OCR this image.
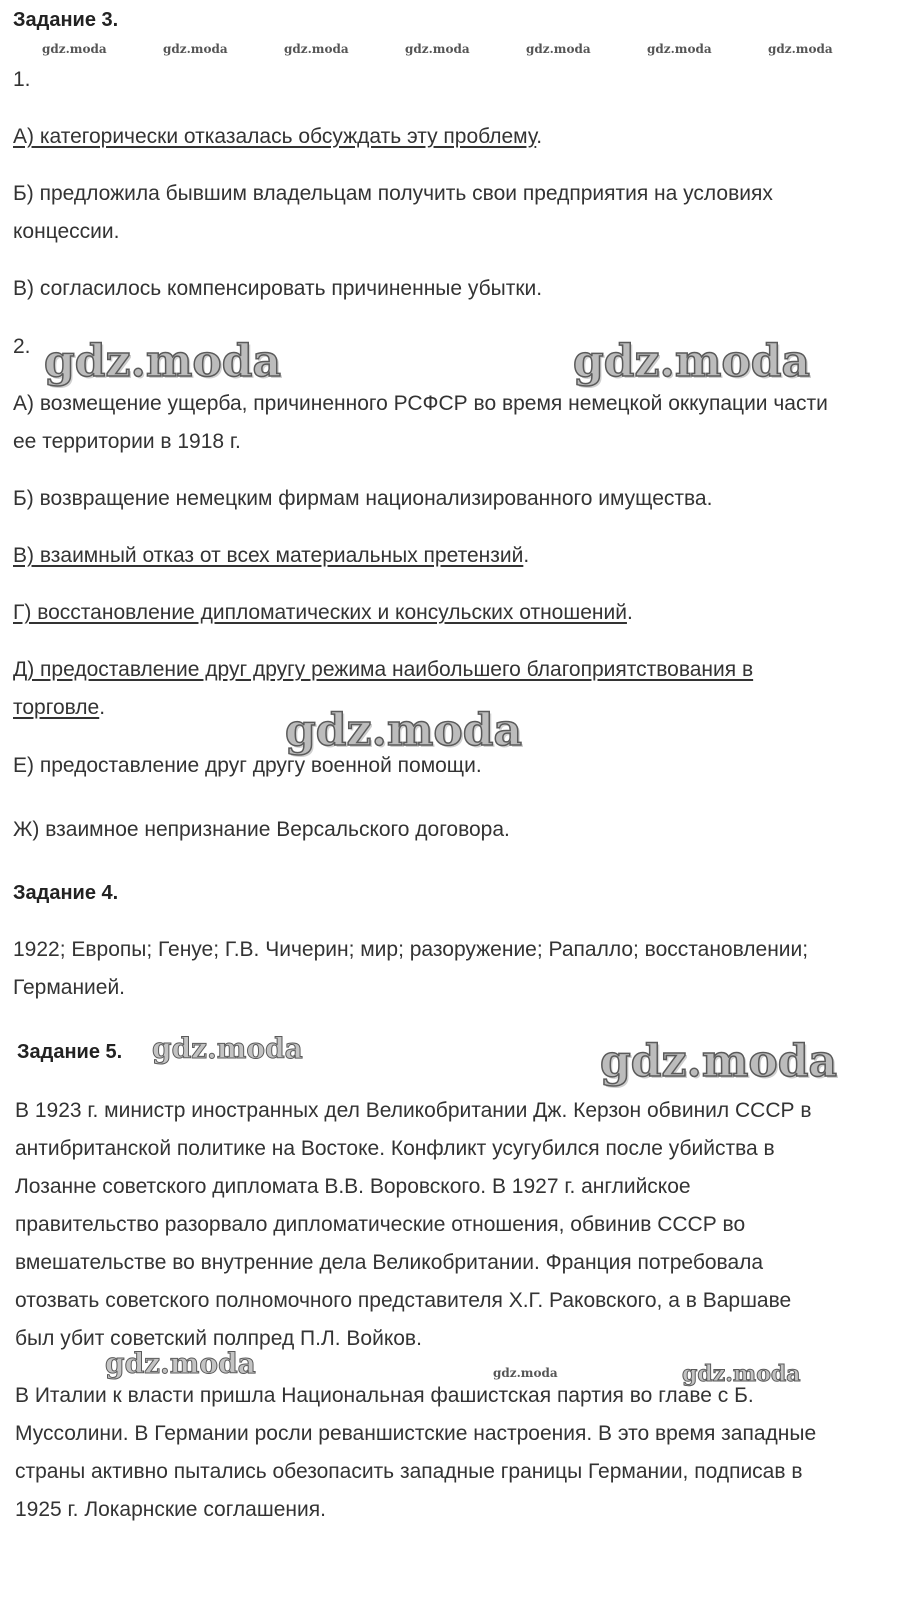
Задание 3.
gdz.moda	gdz.moda	gdz.moda	gdz.moda	gdz.moda	gdz.moda	gdz.moda
1.
А) категорически отказалась обсуждать эту проблему.
Б) предложила бывшим владельцам получить свои предприятия на условиях
концессии.
В) согласилось компенсировать причиненные убытки.
2. gdz.moda	gdz.moda
А) возмещение ущерба, причиненного РСФСР во время немецкой оккупации части
ее территории в 1918 г.
Б) возвращение немецким фирмам национализированного имущества.
В) взаимный отказ от всех материальных претензий.
Г) восстановление дипломатических и консульских отношений.
Д) предоставление друг другу режима наибольшего благоприятствования в
торговле.	gdz.moda
Е) предоставление друг другу военной помощи.
Ж) взаимное непризнание Версальского договора.
Задание 4.
1922; Европы; Генуе; Г.В. Чичерин; мир; разоружение; Рапалло; восстановлении;
Германией.
Задание 5. gdz.moda	gdz.moda
В 1923 г. министр иностранных дел Великобритании Дж. Керзон обвинил СССР в
антибританской политике на Востоке. Конфликт усугубился после убийства в
Лозанне советского дипломата В.В. Воровского. В 1927 г. английское
правительство разорвало дипломатические отношения, обвинив СССР во
вмешательстве во внутренние дела Великобритании. Франция потребовала
отозвать советского полномочного представителя Х.Г. Раковского, а в Варшаве
был убит советский полпред П.Л. Войков.
gdz.moda	gdz.moda	gdz.moda
В Италии к власти пришла Национальная фашистская партия во главе с Б.
Муссолини. В Германии росли реваншистские настроения. В это время западные
страны активно пытались обезопасить западные границы Германии, подписав в
1925 г. Локарнские соглашения.
